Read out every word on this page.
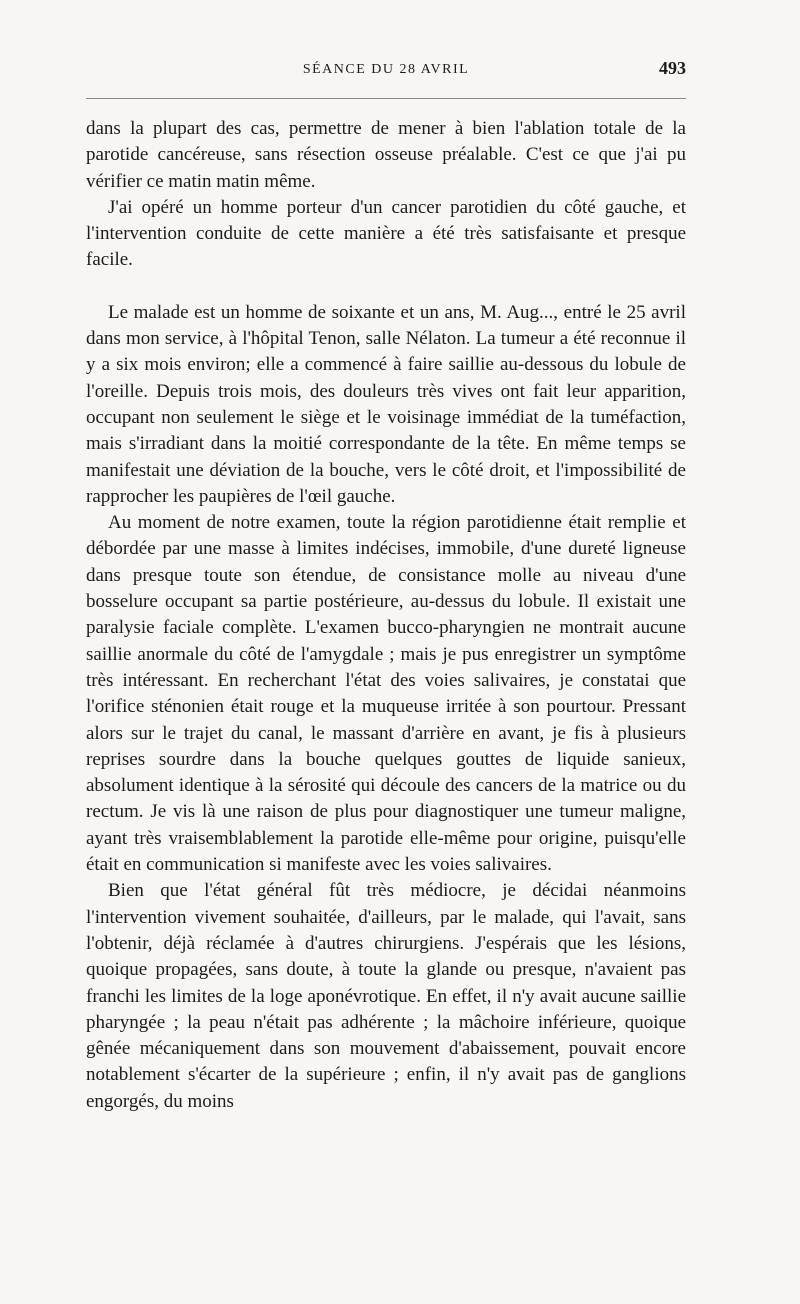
SÉANCE DU 28 AVRIL	493

dans la plupart des cas, permettre de mener à bien l'ablation totale de la parotide cancéreuse, sans résection osseuse préalable. C'est ce que j'ai pu vérifier ce matin matin même.

J'ai opéré un homme porteur d'un cancer parotidien du côté gauche, et l'intervention conduite de cette manière a été très satisfaisante et presque facile.

Le malade est un homme de soixante et un ans, M. Aug..., entré le 25 avril dans mon service, à l'hôpital Tenon, salle Nélaton. La tumeur a été reconnue il y a six mois environ; elle a commencé à faire saillie au-dessous du lobule de l'oreille. Depuis trois mois, des douleurs très vives ont fait leur apparition, occupant non seulement le siège et le voisinage immédiat de la tuméfaction, mais s'irradiant dans la moitié correspondante de la tête. En même temps se manifestait une déviation de la bouche, vers le côté droit, et l'impossibilité de rapprocher les paupières de l'œil gauche.

Au moment de notre examen, toute la région parotidienne était remplie et débordée par une masse à limites indécises, immobile, d'une dureté ligneuse dans presque toute son étendue, de consistance molle au niveau d'une bosselure occupant sa partie postérieure, au-dessus du lobule. Il existait une paralysie faciale complète. L'examen bucco-pharyngien ne montrait aucune saillie anormale du côté de l'amygdale ; mais je pus enregistrer un symptôme très intéressant. En recherchant l'état des voies salivaires, je constatai que l'orifice sténonien était rouge et la muqueuse irritée à son pourtour. Pressant alors sur le trajet du canal, le massant d'arrière en avant, je fis à plusieurs reprises sourdre dans la bouche quelques gouttes de liquide sanieux, absolument identique à la sérosité qui découle des cancers de la matrice ou du rectum. Je vis là une raison de plus pour diagnostiquer une tumeur maligne, ayant très vraisemblablement la parotide elle-même pour origine, puisqu'elle était en communication si manifeste avec les voies salivaires.

Bien que l'état général fût très médiocre, je décidai néanmoins l'intervention vivement souhaitée, d'ailleurs, par le malade, qui l'avait, sans l'obtenir, déjà réclamée à d'autres chirurgiens. J'espérais que les lésions, quoique propagées, sans doute, à toute la glande ou presque, n'avaient pas franchi les limites de la loge aponévrotique. En effet, il n'y avait aucune saillie pharyngée ; la peau n'était pas adhérente ; la mâchoire inférieure, quoique gênée mécaniquement dans son mouvement d'abaissement, pouvait encore notablement s'écarter de la supérieure ; enfin, il n'y avait pas de ganglions engorgés, du moins
